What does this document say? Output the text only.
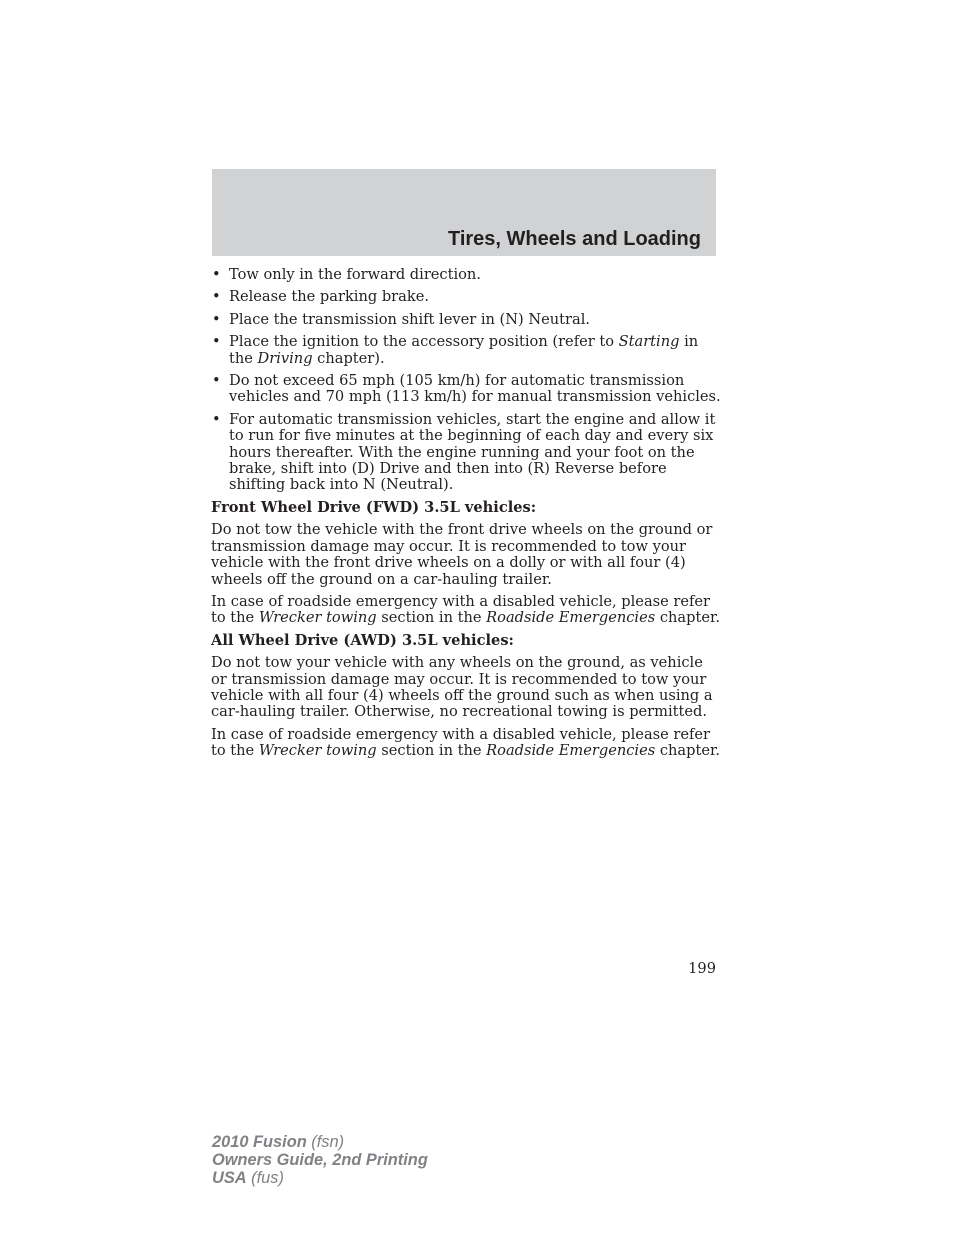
Tires, Wheels and Loading
• Tow only in the forward direction.
• Release the parking brake.
• Place the transmission shift lever in (N) Neutral.
• Place the ignition to the accessory position (refer to Starting in the Driving chapter).
• Do not exceed 65 mph (105 km/h) for automatic transmission vehicles and 70 mph (113 km/h) for manual transmission vehicles.
• For automatic transmission vehicles, start the engine and allow it to run for five minutes at the beginning of each day and every six hours thereafter. With the engine running and your foot on the brake, shift into (D) Drive and then into (R) Reverse before shifting back into N (Neutral).
Front Wheel Drive (FWD) 3.5L vehicles:

Do not tow the vehicle with the front drive wheels on the ground or transmission damage may occur. It is recommended to tow your vehicle with the front drive wheels on a dolly or with all four (4) wheels off the ground on a car-hauling trailer.

In case of roadside emergency with a disabled vehicle, please refer to the Wrecker towing section in the Roadside Emergencies chapter.

All Wheel Drive (AWD) 3.5L vehicles:

Do not tow your vehicle with any wheels on the ground, as vehicle or transmission damage may occur. It is recommended to tow your vehicle with all four (4) wheels off the ground such as when using a car-hauling trailer. Otherwise, no recreational towing is permitted.

In case of roadside emergency with a disabled vehicle, please refer to the Wrecker towing section in the Roadside Emergencies chapter.

199
2010 Fusion (fsn)
Owners Guide, 2nd Printing
USA (fus)
